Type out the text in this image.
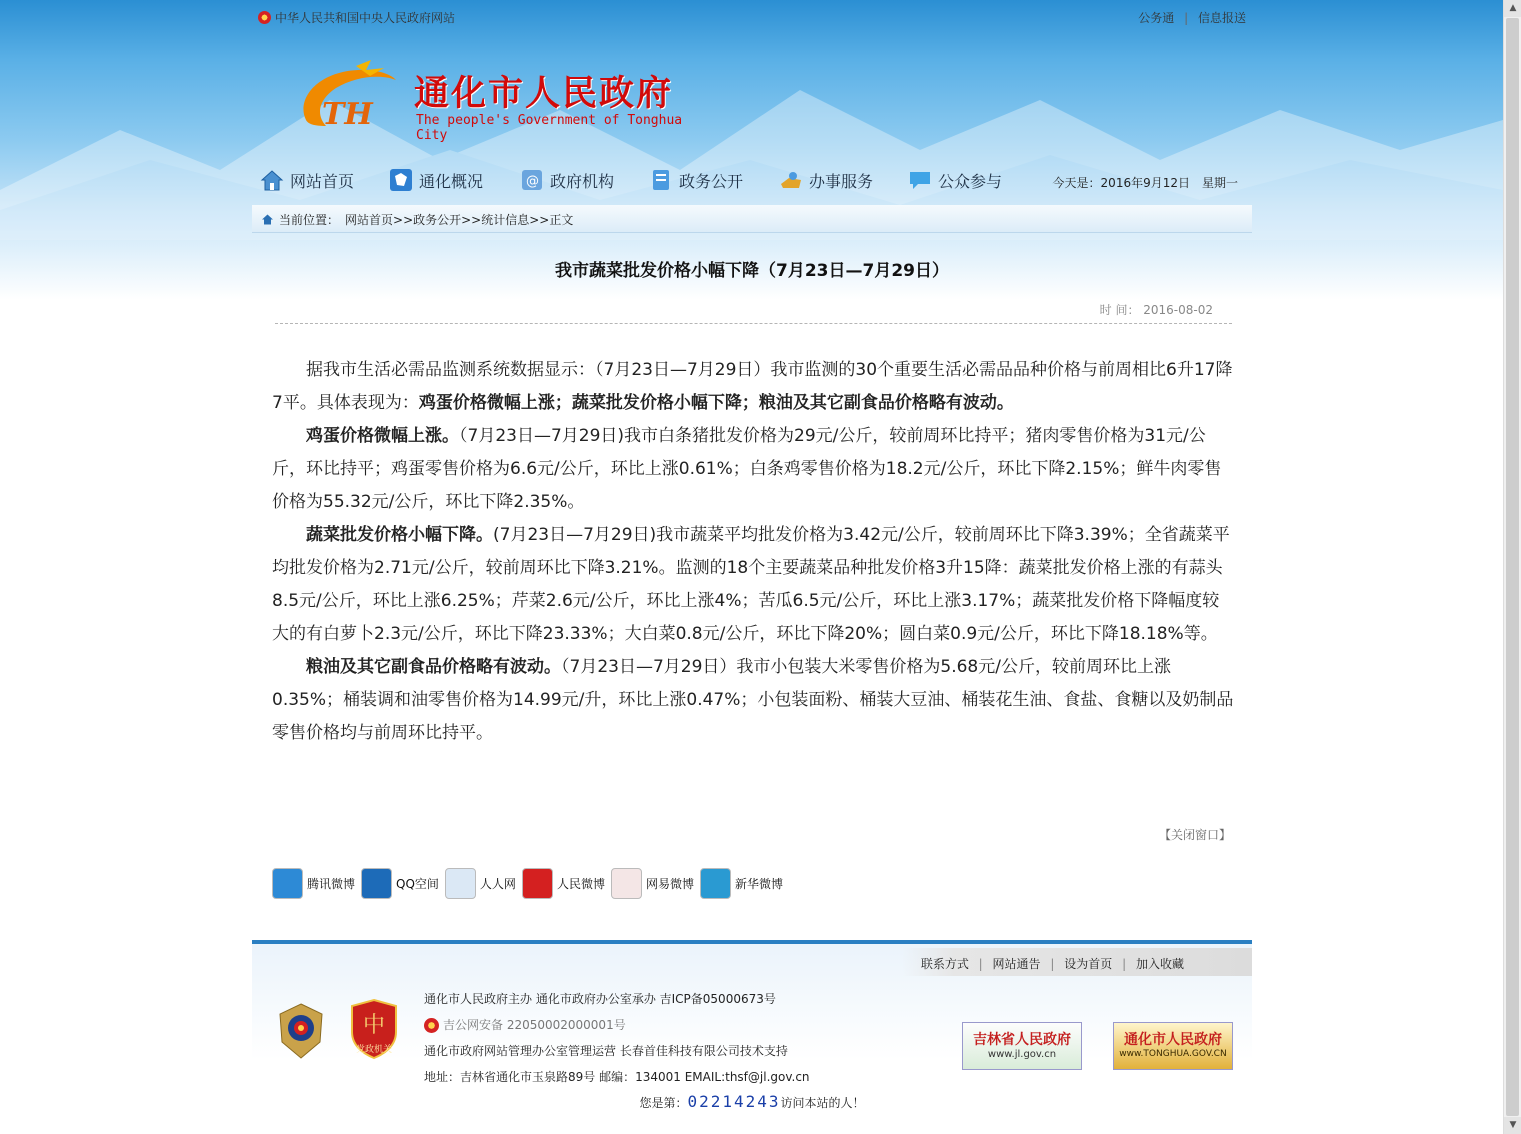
中华人民共和国中央人民政府网站	公务通 | 信息报送
TH
通化市人民政府
The people's Government of Tonghua City
网站首页	通化概况	@ 政府机构	政务公开	办事服务	公众参与	今天是：2016年9月12日　星期一
当前位置： 网站首页>>政务公开>>统计信息>>正文
我市蔬菜批发价格小幅下降（7月23日—7月29日）
时 间： 2016-08-02

据我市生活必需品监测系统数据显示：（7月23日—7月29日）我市监测的30个重要生活必需品品种价格与前周相比6升17降7平。具体表现为：鸡蛋价格微幅上涨；蔬菜批发价格小幅下降；粮油及其它副食品价格略有波动。

鸡蛋价格微幅上涨。（7月23日—7月29日)我市白条猪批发价格为29元/公斤，较前周环比持平；猪肉零售价格为31元/公斤，环比持平；鸡蛋零售价格为6.6元/公斤，环比上涨0.61%；白条鸡零售价格为18.2元/公斤，环比下降2.15%；鲜牛肉零售价格为55.32元/公斤，环比下降2.35%。

蔬菜批发价格小幅下降。(7月23日—7月29日)我市蔬菜平均批发价格为3.42元/公斤，较前周环比下降3.39%；全省蔬菜平均批发价格为2.71元/公斤，较前周环比下降3.21%。监测的18个主要蔬菜品种批发价格3升15降：蔬菜批发价格上涨的有蒜头8.5元/公斤，环比上涨6.25%；芹菜2.6元/公斤，环比上涨4%；苦瓜6.5元/公斤，环比上涨3.17%；蔬菜批发价格下降幅度较大的有白萝卜2.3元/公斤，环比下降23.33%；大白菜0.8元/公斤，环比下降20%；圆白菜0.9元/公斤，环比下降18.18%等。

粮油及其它副食品价格略有波动。（7月23日—7月29日）我市小包装大米零售价格为5.68元/公斤，较前周环比上涨0.35%；桶装调和油零售价格为14.99元/升，环比上涨0.47%；小包装面粉、桶装大豆油、桶装花生油、食盐、食糖以及奶制品零售价格均与前周环比持平。

【关闭窗口】
腾讯微博	QQ空间	人人网	人民微博	网易微博	新华微博
联系方式 | 网站通告 | 设为首页 | 加入收藏
中
党政机关
通化市人民政府主办 通化市政府办公室承办 吉ICP备05000673号
吉公网安备 22050002000001号
通化市政府网站管理办公室管理运营 长春首佳科技有限公司技术支持
地址：吉林省通化市玉泉路89号 邮编：134001 EMAIL:thsf@jl.gov.cn
吉林省人民政府
www.jl.gov.cn
通化市人民政府
www.TONGHUA.GOV.CN
您是第：02214243访问本站的人！
▲
▼
